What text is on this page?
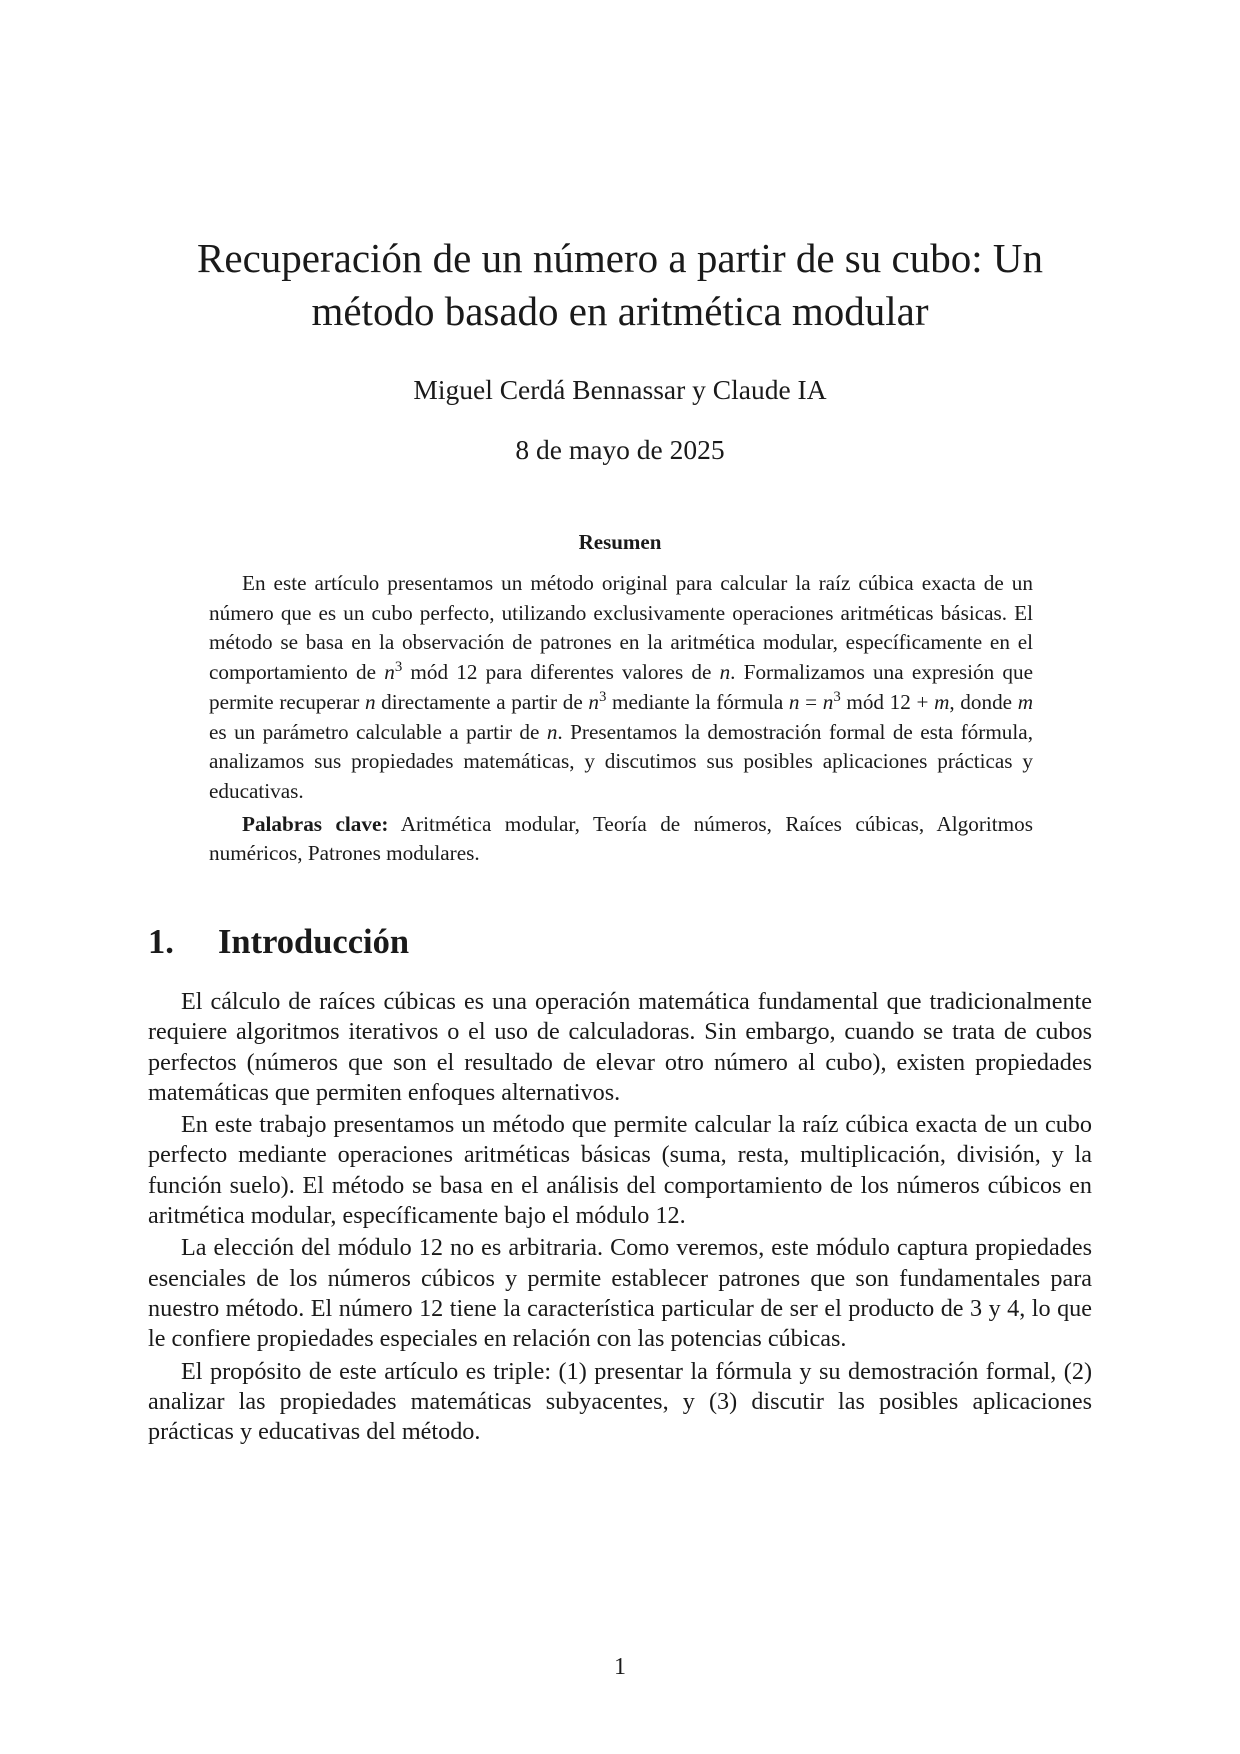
Recuperación de un número a partir de su cubo: Un método basado en aritmética modular
Miguel Cerdá Bennassar y Claude IA
8 de mayo de 2025
Resumen

En este artículo presentamos un método original para calcular la raíz cúbica exacta de un número que es un cubo perfecto, utilizando exclusivamente operaciones aritméticas básicas. El método se basa en la observación de patrones en la aritmética modular, específicamente en el comportamiento de $n^3$ mód 12 para diferentes valores de n. Formalizamos una expresión que permite recuperar n directamente a partir de $n^3$ mediante la fórmula $n = n^3$ mód 12 + m, donde m es un parámetro calculable a partir de n. Presentamos la demostración formal de esta fórmula, analizamos sus propiedades matemáticas, y discutimos sus posibles aplicaciones prácticas y educativas.

Palabras clave: Aritmética modular, Teoría de números, Raíces cúbicas, Algoritmos numéricos, Patrones modulares.

1. Introducción

El cálculo de raíces cúbicas es una operación matemática fundamental que tradicionalmente requiere algoritmos iterativos o el uso de calculadoras. Sin embargo, cuando se trata de cubos perfectos (números que son el resultado de elevar otro número al cubo), existen propiedades matemáticas que permiten enfoques alternativos.

En este trabajo presentamos un método que permite calcular la raíz cúbica exacta de un cubo perfecto mediante operaciones aritméticas básicas (suma, resta, multiplicación, división, y la función suelo). El método se basa en el análisis del comportamiento de los números cúbicos en aritmética modular, específicamente bajo el módulo 12.

La elección del módulo 12 no es arbitraria. Como veremos, este módulo captura propiedades esenciales de los números cúbicos y permite establecer patrones que son fundamentales para nuestro método. El número 12 tiene la característica particular de ser el producto de 3 y 4, lo que le confiere propiedades especiales en relación con las potencias cúbicas.

El propósito de este artículo es triple: (1) presentar la fórmula y su demostración formal, (2) analizar las propiedades matemáticas subyacentes, y (3) discutir las posibles aplicaciones prácticas y educativas del método.

1
